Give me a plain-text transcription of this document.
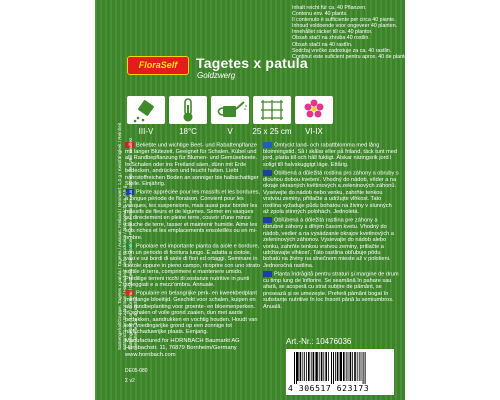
Inhalt reicht für ca. 40 Pflanzen.
Contenu env. 40 plants.
Il contenuto è sufficiente per circa 40 piante.
Inhoud voldoende voor ongeveer 40 planten.
Innehållet räcker till ca. 40 plantor.
Obsah stačí na zhruba 40 rostlin.
Obsah stačí na 40 rastlín.
Sodržaj vrečke zadostuje za ca. 40 rastlin.
Conținut este suficient pentru aprox. 40 de plante.
FloraSelf	Tagetes x patula
Goldzwerg
III-V	18°C	V	25 x 25 cm	VI-IX

Beliebte und wichtige Beet- und Rabattenpflanze mit langer Blütezeit. Geeignet für Schalen, Kübel und als Randbepflanzung für Blumen- und Gemüsebeete. In Schalen oder ins Freiland säen, dünn mit Erde bedecken, andrücken und feucht halten. Liebt nährstoffreichen Boden an sonniger bis halbschattiger Stelle. Einjährig.

Plante appréciée pour les massifs et les bordures, à longue période de floraison. Convient pour les vasques, les suspensions, mais aussi pour border les massifs de fleurs et de légumes. Semer en vasques ou directement en pleine terre, couvrir d'une mince couche de terre, tasser et maintenir humide. Aime les sols riches et les emplacements ensoleillés ou en mi-ombre.

Popolare ed importante pianta da aiole e bordure, con un periodo di fioritura lungo. È adatta a ciotole, vasi e sui bordi di aiole di fiori ed ortaggi. Seminare in ciotole oppure in pieno campo, ricoprire con uno strato sottile di terra, comprimere e mantenere umido. Predilige terreni ricchi di sostanze nutritive in punti soleggiati e a mezz'ombra. Annuale.

Populaire en belangrijke perk- en kweekbedplant met lange bloeitijd. Geschikt voor schalen, kuipen en als randbeplanting voor groente- en bloemenperken. In schalen of volle grond zaaien, dun met aarde bedekken, aandrukken en vochtig houden. Houdt van een voedingsrijke grond op een zonnige tot halfschaduwrijke plaats. Eenjarig.

Omtyckt land- och rabattblomma med lång blomningstid. Så i skålar eller på friland, täck tunt med jord, platta till och håll fuktigt. Älskar näringsrik jord i soligt till halvskuggigt läge. Ettårig.

Oblíbená a důležitá rostlina pro záhony a obruby s dlouhou dobou kvetení. Vhodný do nádob, věder a na okraje okrasných květinových a zeleninových záhonů. Vysévejte do nádob nebo venku, zahrňte tenkou vrstvou zeminy, přitlačte a udržujte vlhkost. Tato rostlina vyžaduje půdu bohatou na živiny v slunných až zpola stinných polohách. Jednoletá.

Obľúbená a dôležitá rastlina pre záhony a obrubné záhony s dlhým časom kvetu. Vhodný do nádob, vedier a na vysádzanie okrajov kvetinových a zeleninových záhonov. Vysievajte do nádob alebo vonku, zahrňte tenkou vrstvou zeminy, pritlačte a udržiavajte vlhkosť. Táto rastlina obľubuje pôdu bohatú na živiny na slnečnom mieste až v polotieni. Jednoročná rastlina.

Planta îndrăgită pentru straturi și margine de drum cu timp lung de înflorire. Se seamănă în pahare sau afară, se acoperă cu strat subțire de pământ, se presează și se umezește. Preferă pământ bogat în substanțe nutritive în loc însorit până la semiumbros. Anuală.

Samengehalt/Gruppe: Tagetes x patula / Tagetes / Aussaat: Freiland / Nennwert: 1,0 g / Keimfähigkeit / Reinheit entspricht den EU-Normen / Haltbarkeit: siehe Rückseite / Nettogewicht ca. 0,5 g Samengehalt / Lot / Contenu / Chargenr. / Germination / Pureté conformes aux normes de l'UE / Veuillez consulter le dos du sachet
Manufactured for HORNBACH Baumarkt AG
Hornbachstr. 11, 76879 Bornheim/Germany
www.hornbach.com
DE05-080
Σ v2
Art.-Nr.: 10476036
4 306517 623173
